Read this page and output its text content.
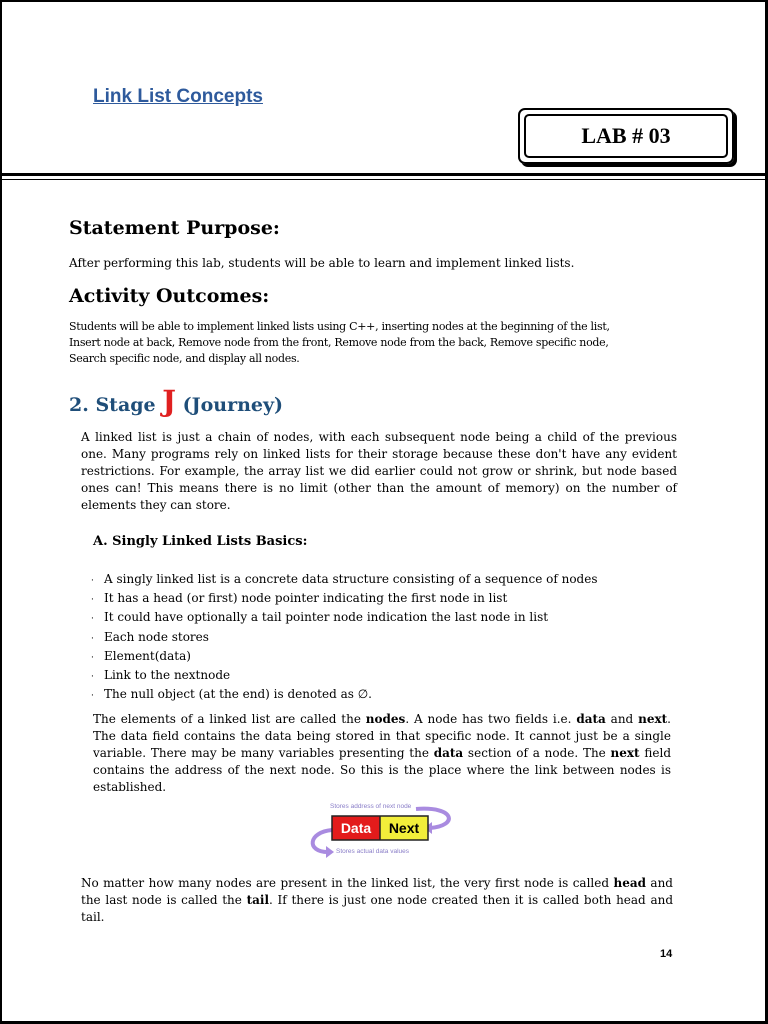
Link List Concepts
LAB # 03
Statement Purpose:
After performing this lab, students will be able to learn and implement linked lists.
Activity Outcomes:
Students will be able to implement linked lists using C++, inserting nodes at the beginning of the list,
Insert node at back, Remove node from the front, Remove node from the back, Remove specific node,
Search specific node, and display all nodes.
2. Stage J (Journey)
A linked list is just a chain of nodes, with each subsequent node being a child of the previous one. Many programs rely on linked lists for their storage because these don't have any evident restrictions. For example, the array list we did earlier could not grow or shrink, but node based ones can! This means there is no limit (other than the amount of memory) on the number of elements they can store.
A. Singly Linked Lists Basics:
· A singly linked list is a concrete data structure consisting of a sequence of nodes
· It has a head (or first) node pointer indicating the first node in list
· It could have optionally a tail pointer node indication the last node in list
· Each node stores
· Element(data)
· Link to the nextnode
· The null object (at the end) is denoted as ∅.
The elements of a linked list are called the nodes. A node has two fields i.e. data and next. The data field contains the data being stored in that specific node. It cannot just be a single variable. There may be many variables presenting the data section of a node. The next field contains the address of the next node. So this is the place where the link between nodes is established.
Stores address of next node
Data Next
Stores actual data values
No matter how many nodes are present in the linked list, the very first node is called head and the last node is called the tail. If there is just one node created then it is called both head and tail.
14
